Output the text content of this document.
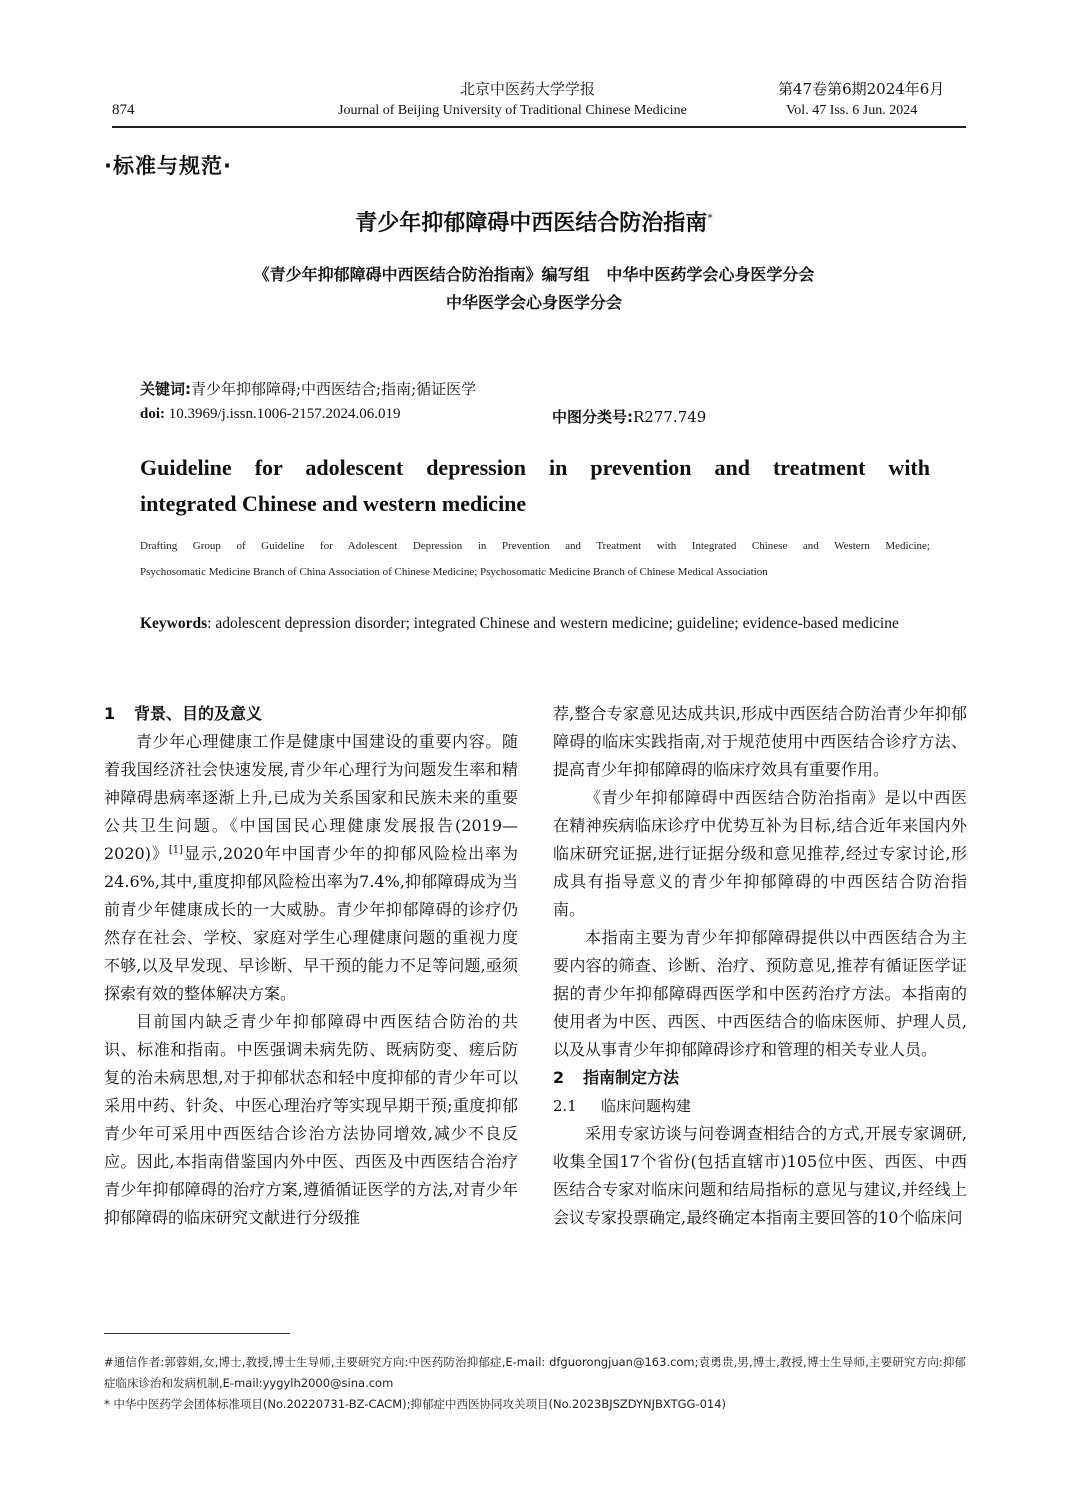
北京中医药大学学报	第47卷第6期2024年6月
874	Journal of Beijing University of Traditional Chinese Medicine	Vol. 47 Iss. 6 Jun. 2024
·标准与规范·
青少年抑郁障碍中西医结合防治指南*
《青少年抑郁障碍中西医结合防治指南》编写组   中华中医药学会心身医学分会
中华医学会心身医学分会
关键词:青少年抑郁障碍;中西医结合;指南;循证医学
doi: 10.3969/j.issn.1006-2157.2024.06.019	中图分类号:R277.749
Guideline for adolescent depression in prevention and treatment with
integrated Chinese and western medicine
Drafting Group of Guideline for Adolescent Depression in Prevention and Treatment with Integrated Chinese and Western Medicine;
Psychosomatic Medicine Branch of China Association of Chinese Medicine; Psychosomatic Medicine Branch of Chinese Medical Association
Keywords: adolescent depression disorder; integrated Chinese and western medicine; guideline; evidence-based medicine
1 背景、目的及意义

青少年心理健康工作是健康中国建设的重要内容。随着我国经济社会快速发展,青少年心理行为问题发生率和精神障碍患病率逐渐上升,已成为关系国家和民族未来的重要公共卫生问题。《中国国民心理健康发展报告(2019—2020)》[1]显示,2020年中国青少年的抑郁风险检出率为24.6%,其中,重度抑郁风险检出率为7.4%,抑郁障碍成为当前青少年健康成长的一大威胁。青少年抑郁障碍的诊疗仍然存在社会、学校、家庭对学生心理健康问题的重视力度不够,以及早发现、早诊断、早干预的能力不足等问题,亟须探索有效的整体解决方案。

目前国内缺乏青少年抑郁障碍中西医结合防治的共识、标准和指南。中医强调未病先防、既病防变、瘥后防复的治未病思想,对于抑郁状态和轻中度抑郁的青少年可以采用中药、针灸、中医心理治疗等实现早期干预;重度抑郁青少年可采用中西医结合诊治方法协同增效,减少不良反应。因此,本指南借鉴国内外中医、西医及中西医结合治疗青少年抑郁障碍的治疗方案,遵循循证医学的方法,对青少年抑郁障碍的临床研究文献进行分级推

荐,整合专家意见达成共识,形成中西医结合防治青少年抑郁障碍的临床实践指南,对于规范使用中西医结合诊疗方法、提高青少年抑郁障碍的临床疗效具有重要作用。

《青少年抑郁障碍中西医结合防治指南》是以中西医在精神疾病临床诊疗中优势互补为目标,结合近年来国内外临床研究证据,进行证据分级和意见推荐,经过专家讨论,形成具有指导意义的青少年抑郁障碍的中西医结合防治指南。

本指南主要为青少年抑郁障碍提供以中西医结合为主要内容的筛查、诊断、治疗、预防意见,推荐有循证医学证据的青少年抑郁障碍西医学和中医药治疗方法。本指南的使用者为中医、西医、中西医结合的临床医师、护理人员,以及从事青少年抑郁障碍诊疗和管理的相关专业人员。

2 指南制定方法
2.1 临床问题构建

采用专家访谈与问卷调查相结合的方式,开展专家调研,收集全国17个省份(包括直辖市)105位中医、西医、中西医结合专家对临床问题和结局指标的意见与建议,并经线上会议专家投票确定,最终确定本指南主要回答的10个临床问

#通信作者:郭蓉娟,女,博士,教授,博士生导师,主要研究方向:中医药防治抑郁症,E-mail: dfguorongjuan@163.com;袁勇贵,男,博士,教授,博士生导师,主要研究方向:抑郁症临床诊治和发病机制,E-mail:yygylh2000@sina.com
* 中华中医药学会团体标准项目(No.20220731-BZ-CACM);抑郁症中西医协同攻关项目(No.2023BJSZDYNJBXTGG-014)
